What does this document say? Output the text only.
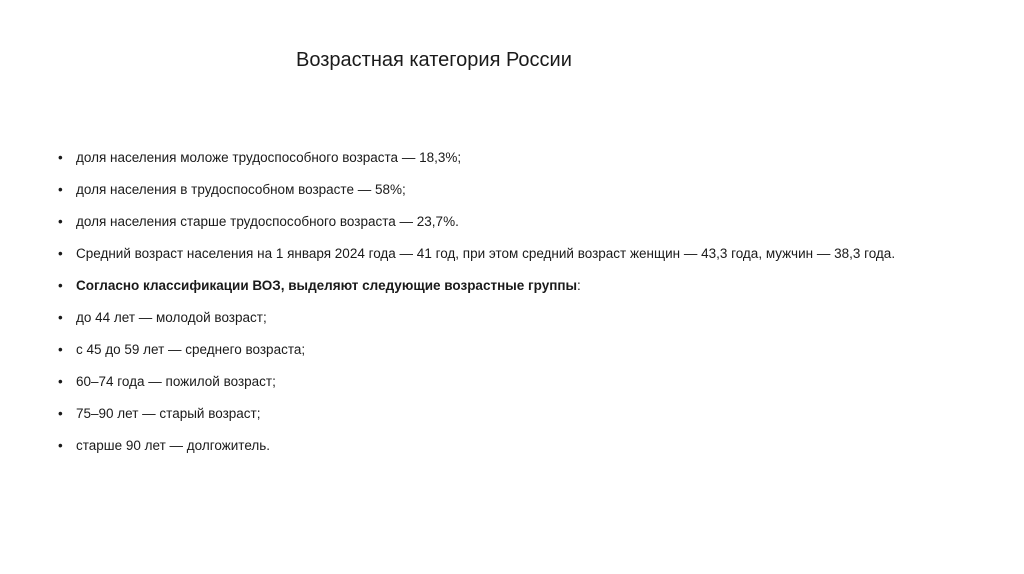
Возрастная категория России
• доля населения моложе трудоспособного возраста — 18,3%;
• доля населения в трудоспособном возрасте — 58%;
• доля населения старше трудоспособного возраста — 23,7%.
• Средний возраст населения на 1 января 2024 года — 41 год, при этом средний возраст женщин — 43,3 года, мужчин — 38,3 года.
• Согласно классификации ВОЗ, выделяют следующие возрастные группы:
• до 44 лет — молодой возраст;
• с 45 до 59 лет — среднего возраста;
• 60–74 года — пожилой возраст;
• 75–90 лет — старый возраст;
• старше 90 лет — долгожитель.
